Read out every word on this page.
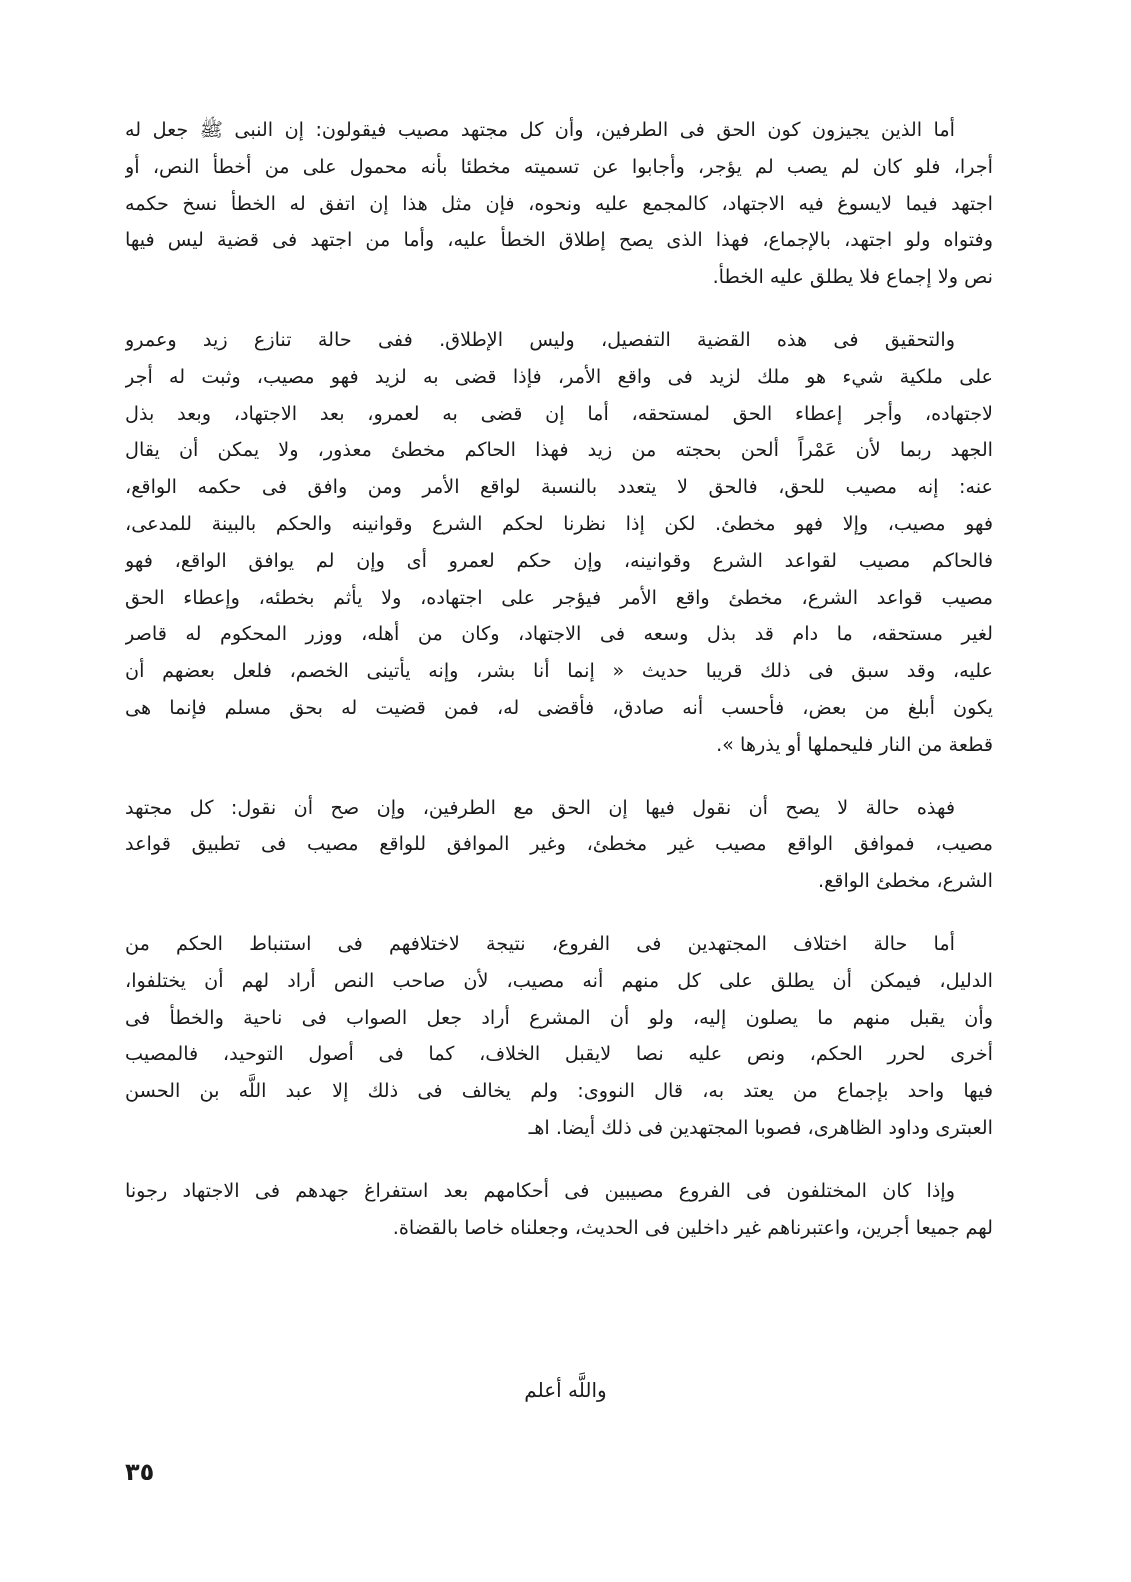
أما الذين يجيزون كون الحق فى الطرفين، وأن كل مجتهد مصيب فيقولون: إن النبى ﷺ جعل له
أجرا، فلو كان لم يصب لم يؤجر، وأجابوا عن تسميته مخطئا بأنه محمول على من أخطأ النص، أو
اجتهد فيما لايسوغ فيه الاجتهاد، كالمجمع عليه ونحوه، فإن مثل هذا إن اتفق له الخطأ نسخ حكمه
وفتواه ولو اجتهد، بالإجماع، فهذا الذى يصح إطلاق الخطأ عليه، وأما من اجتهد فى قضية ليس فيها
نص ولا إجماع فلا يطلق عليه الخطأ.

والتحقيق فى هذه القضية التفصيل، وليس الإطلاق. ففى حالة تنازع زيد وعمرو
على ملكية شيء هو ملك لزيد فى واقع الأمر، فإذا قضى به لزيد فهو مصيب، وثبت له أجر
لاجتهاده، وأجر إعطاء الحق لمستحقه، أما إن قضى به لعمرو، بعد الاجتهاد، وبعد بذل
الجهد ربما لأن عَمْراً ألحن بحجته من زيد فهذا الحاكم مخطئ معذور، ولا يمكن أن يقال
عنه: إنه مصيب للحق، فالحق لا يتعدد بالنسبة لواقع الأمر ومن وافق فى حكمه الواقع،
فهو مصيب، وإلا فهو مخطئ. لكن إذا نظرنا لحكم الشرع وقوانينه والحكم بالبينة للمدعى،
فالحاكم مصيب لقواعد الشرع وقوانينه، وإن حكم لعمرو أى وإن لم يوافق الواقع، فهو
مصيب قواعد الشرع، مخطئ واقع الأمر فيؤجر على اجتهاده، ولا يأثم بخطئه، وإعطاء الحق
لغير مستحقه، ما دام قد بذل وسعه فى الاجتهاد، وكان من أهله، ووزر المحكوم له قاصر
عليه، وقد سبق فى ذلك قريبا حديث « إنما أنا بشر، وإنه يأتينى الخصم، فلعل بعضهم أن
يكون أبلغ من بعض، فأحسب أنه صادق، فأقضى له، فمن قضيت له بحق مسلم فإنما هى
قطعة من النار فليحملها أو يذرها ».

فهذه حالة لا يصح أن نقول فيها إن الحق مع الطرفين، وإن صح أن نقول: كل مجتهد
مصيب، فموافق الواقع مصيب غير مخطئ، وغير الموافق للواقع مصيب فى تطبيق قواعد
الشرع، مخطئ الواقع.

أما حالة اختلاف المجتهدين فى الفروع، نتيجة لاختلافهم فى استنباط الحكم من
الدليل، فيمكن أن يطلق على كل منهم أنه مصيب، لأن صاحب النص أراد لهم أن يختلفوا،
وأن يقبل منهم ما يصلون إليه، ولو أن المشرع أراد جعل الصواب فى ناحية والخطأ فى
أخرى لحرر الحكم، ونص عليه نصا لايقبل الخلاف، كما فى أصول التوحيد، فالمصيب
فيها واحد بإجماع من يعتد به، قال النووى: ولم يخالف فى ذلك إلا عبد اللَّه بن الحسن
العبترى وداود الظاهرى، فصوبا المجتهدين فى ذلك أيضا. اهـ

وإذا كان المختلفون فى الفروع مصيبين فى أحكامهم بعد استفراغ جهدهم فى الاجتهاد رجونا
لهم جميعا أجرين، واعتبرناهم غير داخلين فى الحديث، وجعلناه خاصا بالقضاة.

واللَّه أعلم
٣٥
